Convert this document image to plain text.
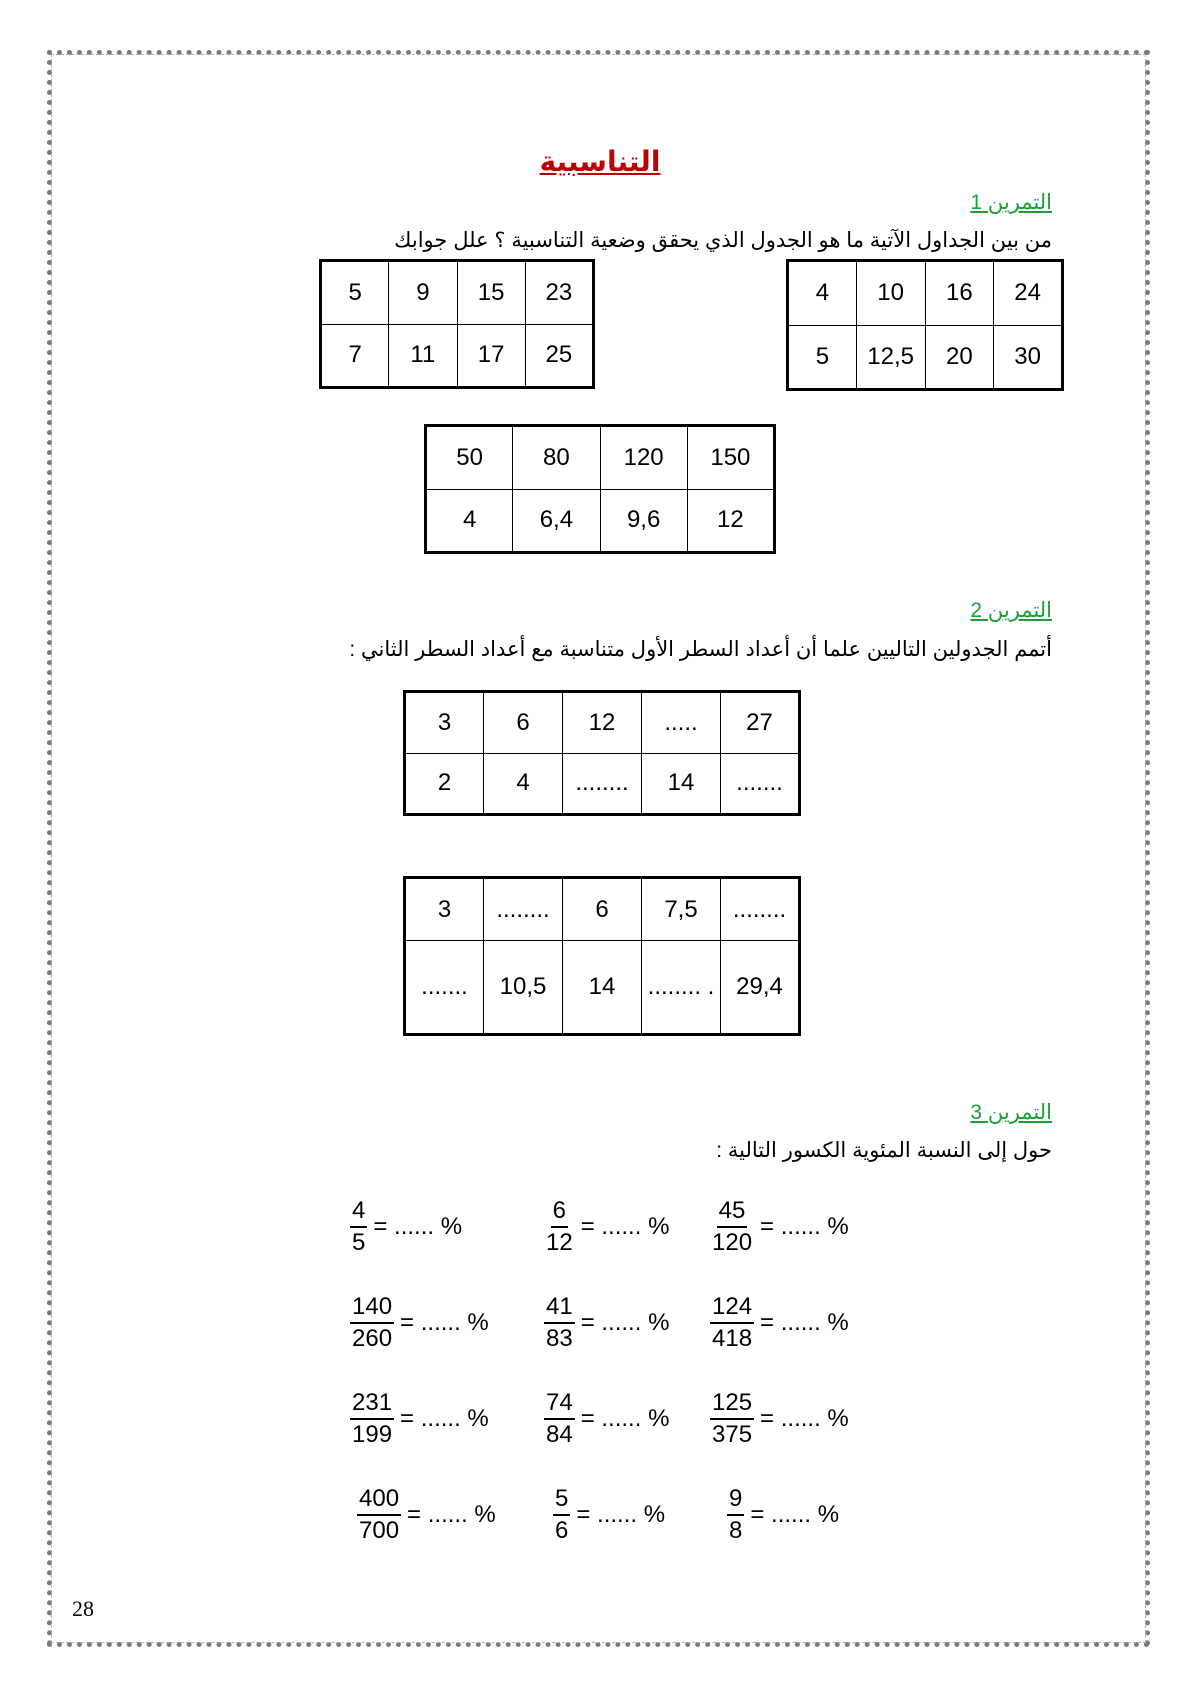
التناسبية
التمرين 1
من بين الجداول الآتية ما هو الجدول الذي يحقق وضعية التناسبية ؟ علل جوابك
4	10	16	24
5	12,5	20	30
5	9	15	23
7	11	17	25
50	80	120	150
4	6,4	9,6	12
التمرين 2
أتمم الجدولين التاليين علما أن أعداد السطر الأول متناسبة مع أعداد السطر الثاني :
3	6	12	.....	27
2	4	........	14	.......
3	........	6	7,5	........
.......	10,5	14	........ .	29,4
التمرين 3
حول إلى النسبة المئوية الكسور التالية :
$\frac{4}{5}$ = ...... %	$\frac{6}{12}$ = ...... % $\frac{45}{120}$ = ...... %
$\frac{140}{260}$ = ...... % $\frac{41}{83}$ = ...... % $\frac{124}{418}$ = ...... %
$\frac{231}{199}$ = ...... % $\frac{74}{84}$ = ...... % $\frac{125}{375}$ = ...... %
$\frac{400}{700}$ = ...... % $\frac{5}{6}$ = ...... %	$\frac{9}{8}$ = ...... %
28
